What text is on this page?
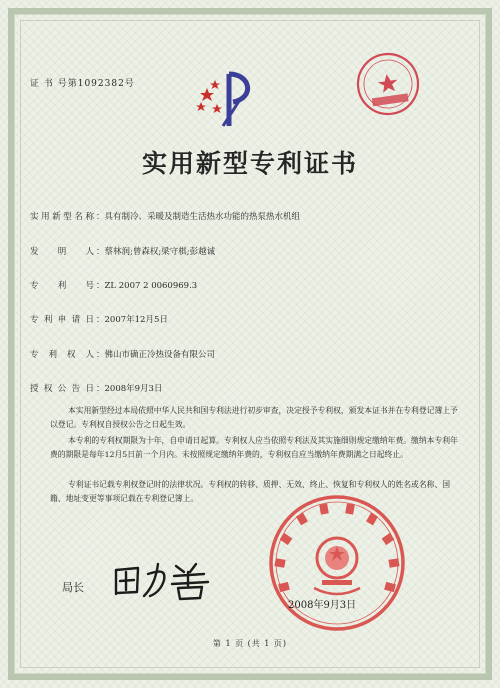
证 书 号第1092382号
实用新型专利证书
实用新型名称 ：具有制冷、采暖及制造生活热水功能的热泵热水机组
发 明 人 ：蔡林润;曾森权;梁守棋;彭越诚
专 利 号 ：ZL 2007 2 0060969.3
专利申请日 ：2007年12月5日
专利权人 ：佛山市确正冷热设备有限公司
授权公告日 ：2008年9月3日
本实用新型经过本局依照中华人民共和国专利法进行初步审查，决定授予专利权，颁发本证书并在专利登记簿上予以登记。专利权自授权公告之日起生效。
本专利的专利权期限为十年，自申请日起算。专利权人应当依照专利法及其实施细则规定缴纳年费。缴纳本专利年费的期限是每年12月5日前一个月内。未按照规定缴纳年费的，专利权自应当缴纳年费期满之日起终止。
专利证书记载专利权登记时的法律状况。专利权的转移、质押、无效、终止、恢复和专利权人的姓名或名称、国籍、地址变更等事项记载在专利登记簿上。
局长
2008年9月3日
第 1 页 (共 1 页)
